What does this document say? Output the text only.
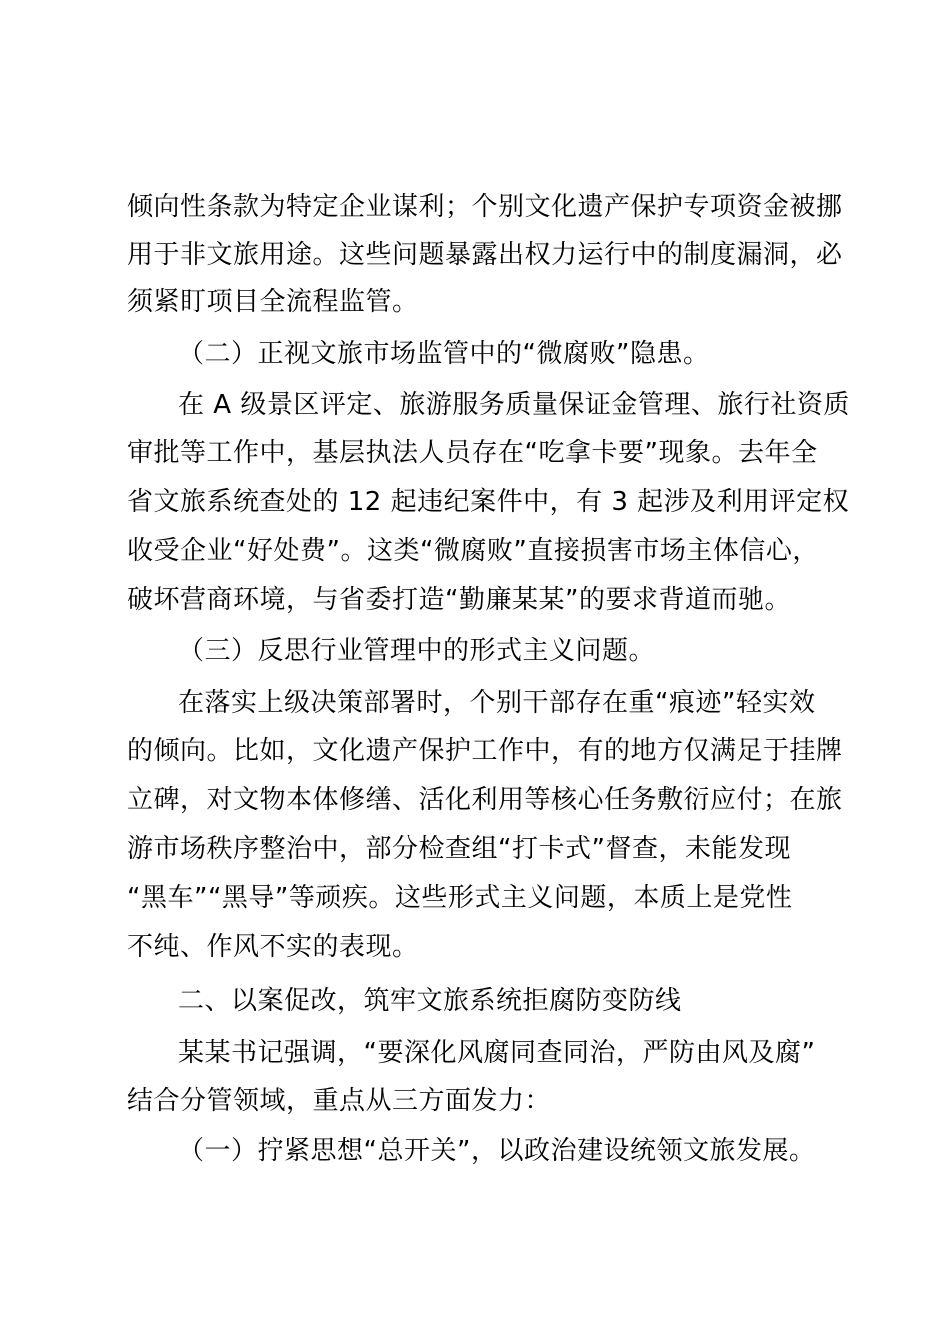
倾向性条款为特定企业谋利；个别文化遗产保护专项资金被挪
用于非文旅用途。这些问题暴露出权力运行中的制度漏洞，必
须紧盯项目全流程监管。
（二）正视文旅市场监管中的“微腐败”隐患。
在 A 级景区评定、旅游服务质量保证金管理、旅行社资质
审批等工作中，基层执法人员存在“吃拿卡要”现象。去年全
省文旅系统查处的 12 起违纪案件中，有 3 起涉及利用评定权
收受企业“好处费”。这类“微腐败”直接损害市场主体信心，
破坏营商环境，与省委打造“勤廉某某”的要求背道而驰。
（三）反思行业管理中的形式主义问题。
在落实上级决策部署时，个别干部存在重“痕迹”轻实效
的倾向。比如，文化遗产保护工作中，有的地方仅满足于挂牌
立碑，对文物本体修缮、活化利用等核心任务敷衍应付；在旅
游市场秩序整治中，部分检查组“打卡式”督查，未能发现
“黑车”“黑导”等顽疾。这些形式主义问题，本质上是党性
不纯、作风不实的表现。
二、以案促改，筑牢文旅系统拒腐防变防线
某某书记强调，“要深化风腐同查同治，严防由风及腐”
结合分管领域，重点从三方面发力：
（一）拧紧思想“总开关”，以政治建设统领文旅发展。
